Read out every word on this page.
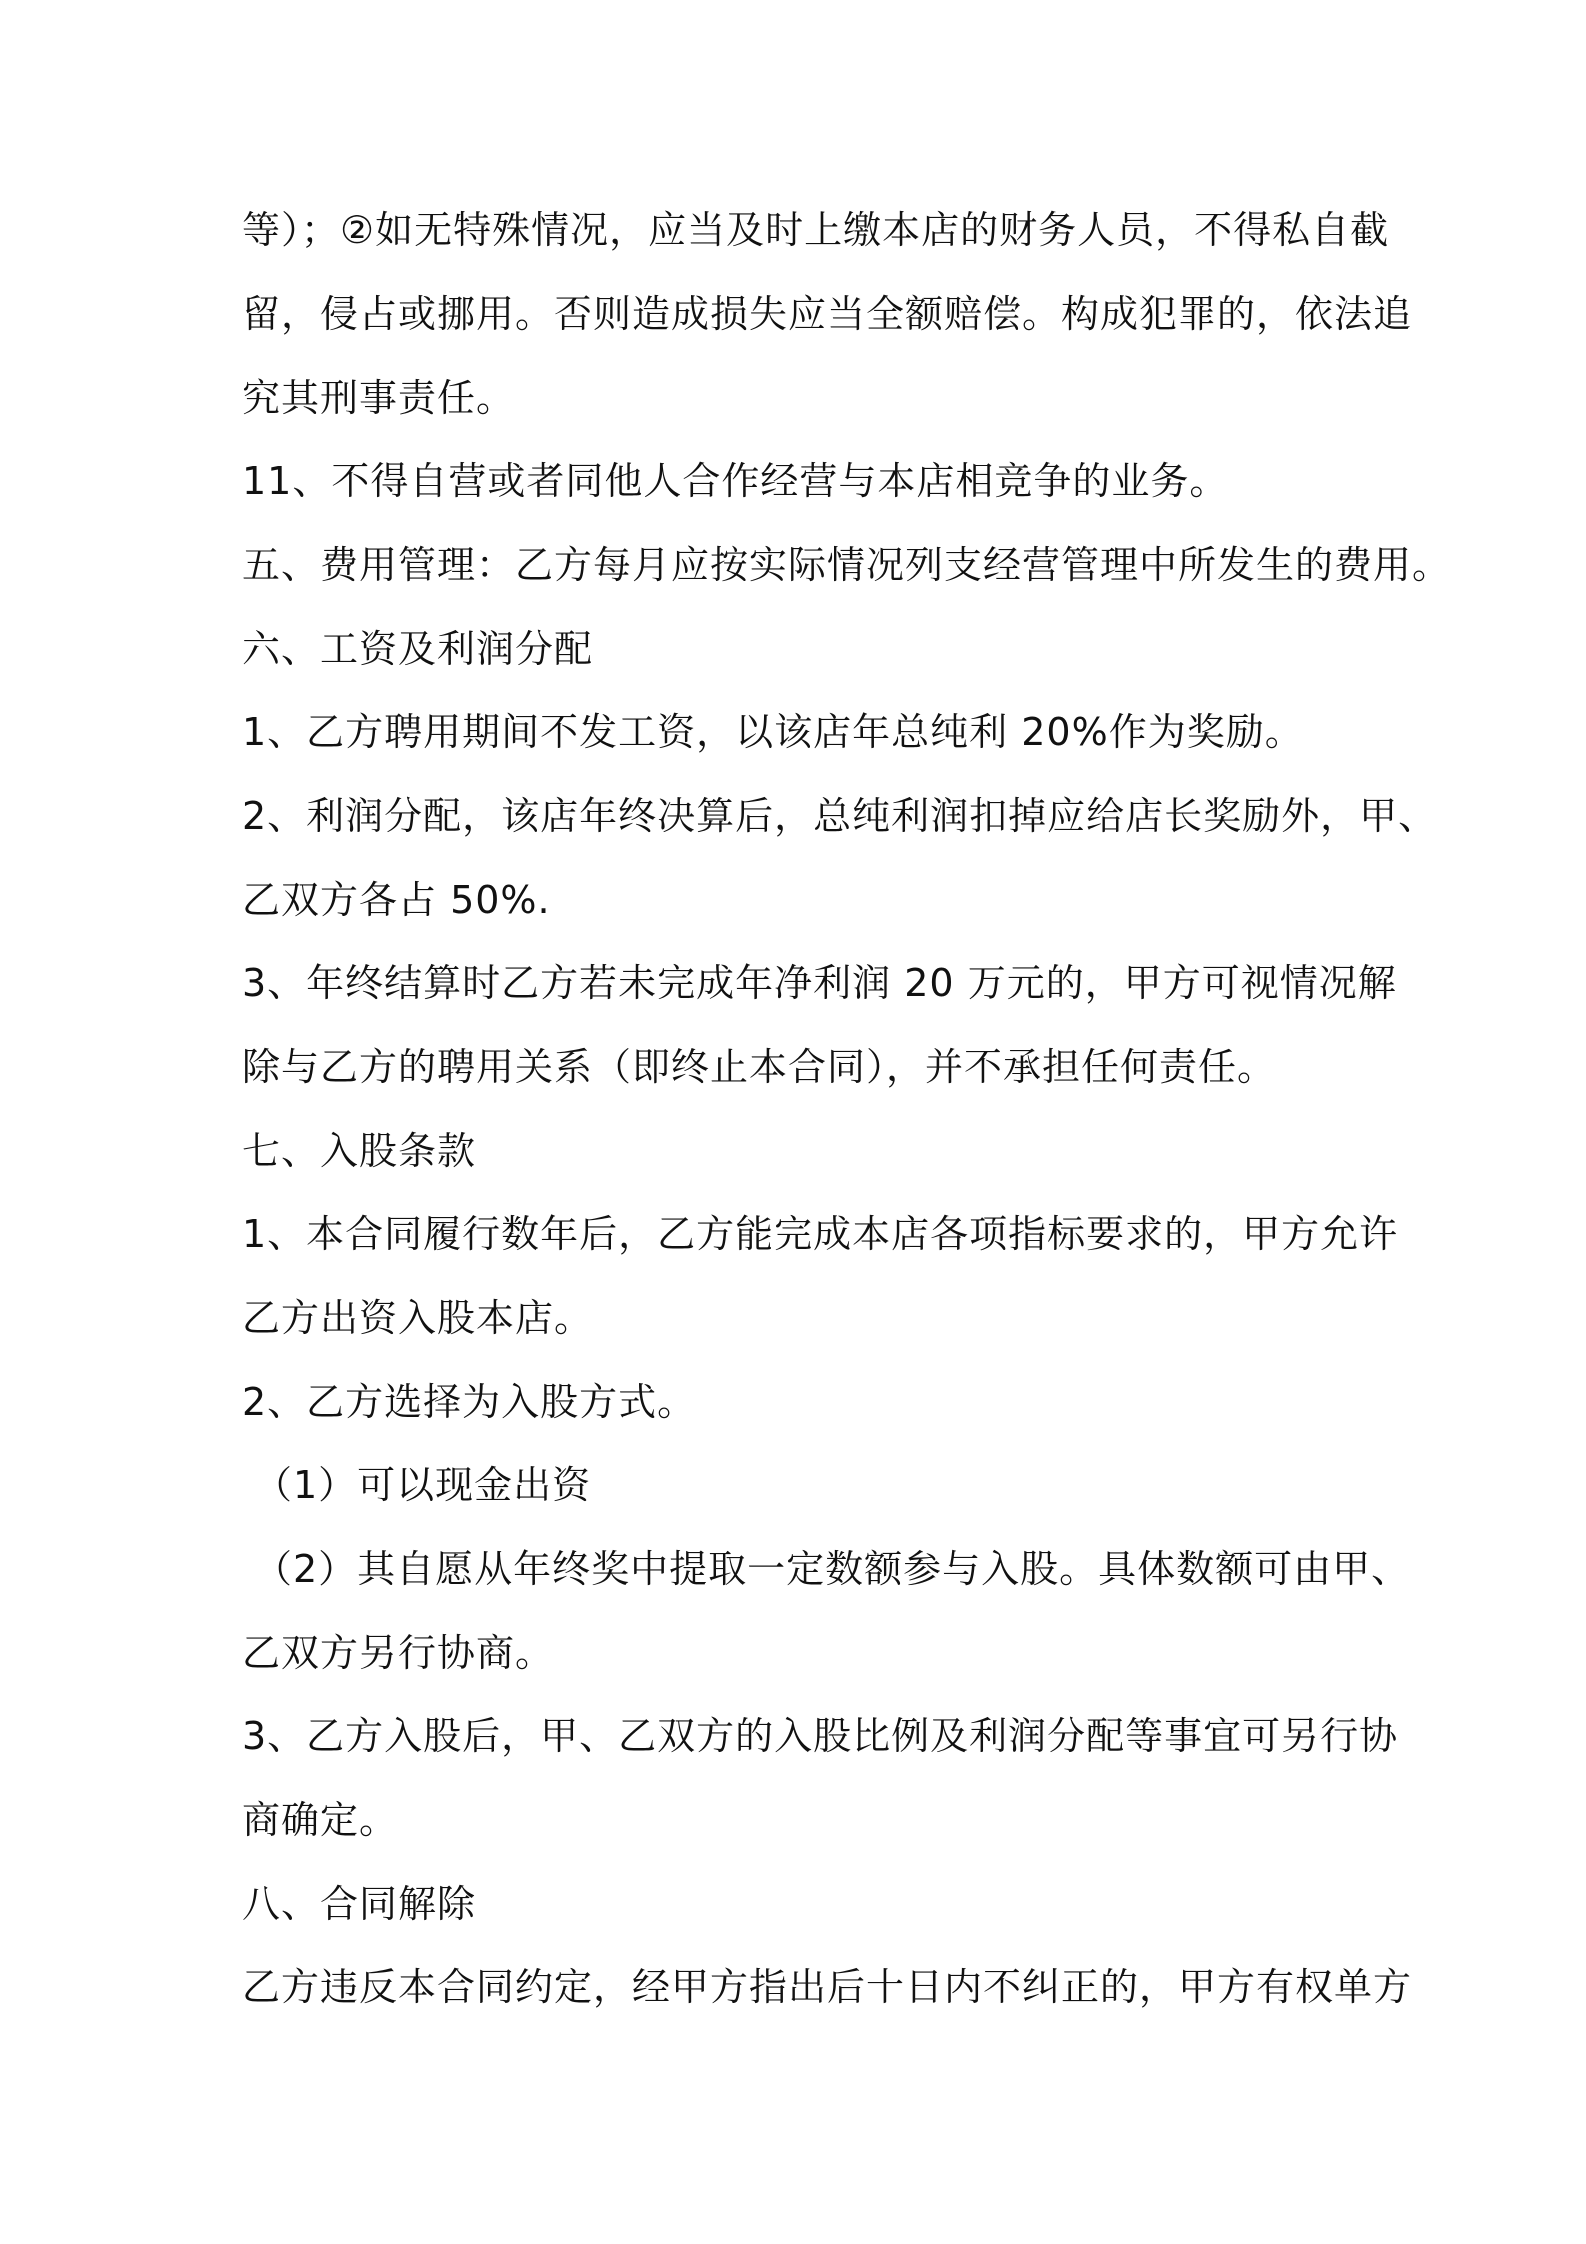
等）；②如无特殊情况，应当及时上缴本店的财务人员，不得私自截
留，侵占或挪用。否则造成损失应当全额赔偿。构成犯罪的，依法追
究其刑事责任。
11、不得自营或者同他人合作经营与本店相竞争的业务。
五、费用管理：乙方每月应按实际情况列支经营管理中所发生的费用。
六、工资及利润分配
1、乙方聘用期间不发工资，以该店年总纯利 20%作为奖励。
2、利润分配，该店年终决算后，总纯利润扣掉应给店长奖励外，甲、
乙双方各占 50%.
3、年终结算时乙方若未完成年净利润 20 万元的，甲方可视情况解
除与乙方的聘用关系（即终止本合同），并不承担任何责任。
七、入股条款
1、本合同履行数年后，乙方能完成本店各项指标要求的，甲方允许
乙方出资入股本店。
2、乙方选择为入股方式。
（1）可以现金出资
（2）其自愿从年终奖中提取一定数额参与入股。具体数额可由甲、
乙双方另行协商。
3、乙方入股后，甲、乙双方的入股比例及利润分配等事宜可另行协
商确定。
八、合同解除
乙方违反本合同约定，经甲方指出后十日内不纠正的，甲方有权单方
